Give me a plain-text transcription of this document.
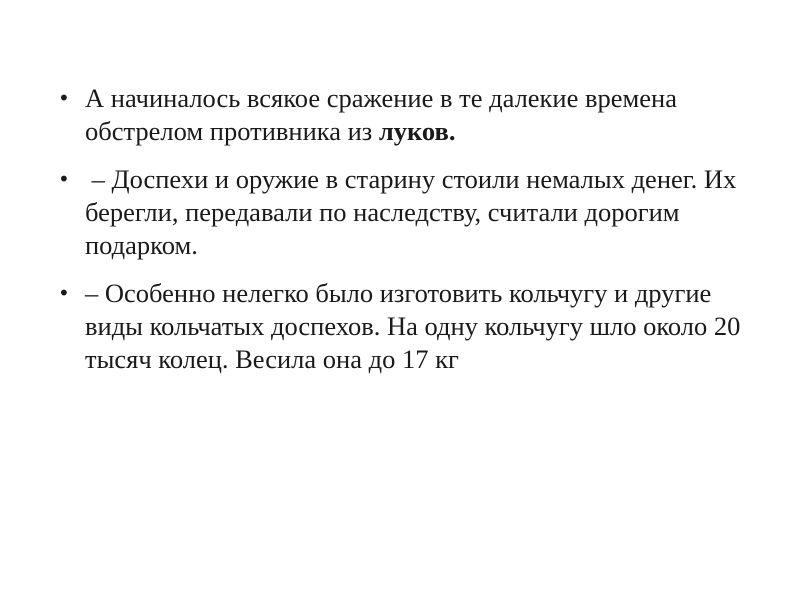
• А начиналось всякое сражение в те далекие времена обстрелом противника из луков.
• – Доспехи и оружие в старину стоили немалых денег. Их берегли, передавали по наследству, считали дорогим подарком.
• – Особенно нелегко было изготовить кольчугу и другие виды кольчатых доспехов. На одну кольчугу шло около 20 тысяч колец. Весила она до 17 кг
